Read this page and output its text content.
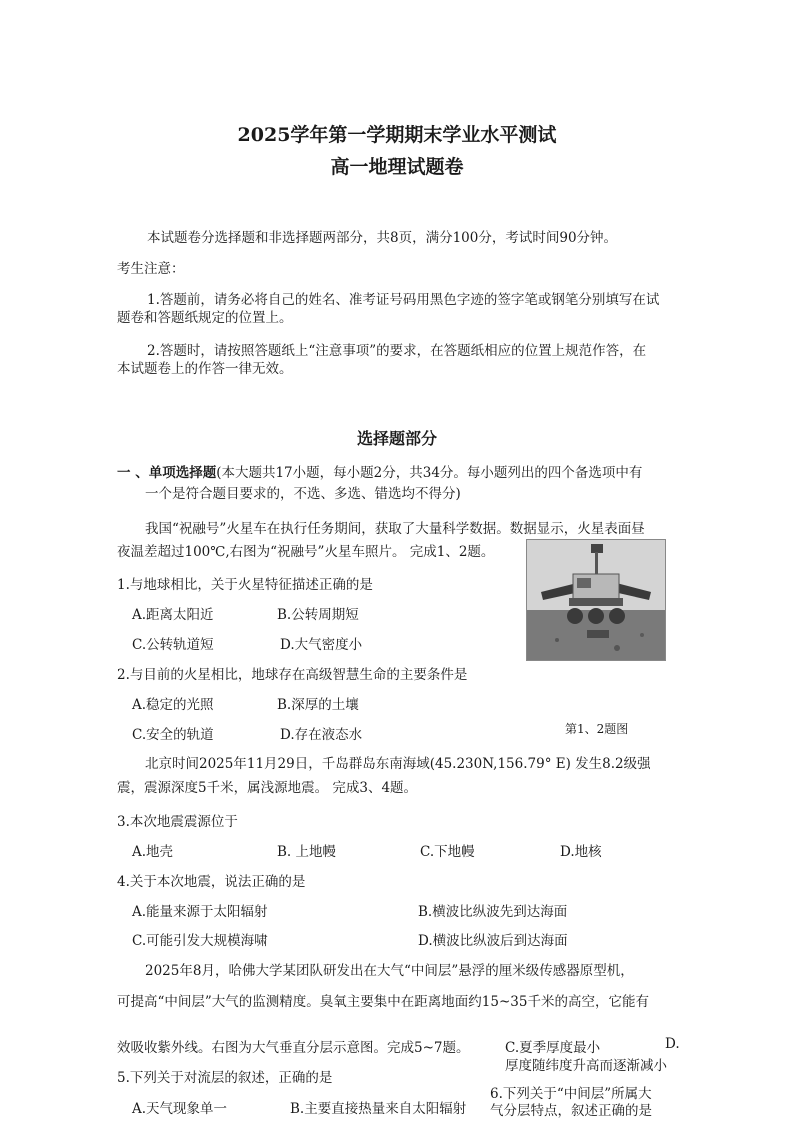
2025学年第一学期期末学业水平测试
高一地理试题卷
本试题卷分选择题和非选择题两部分，共8页，满分100分，考试时间90分钟。
考生注意：
1.答题前，请务必将自己的姓名、准考证号码用黑色字迹的签字笔或钢笔分别填写在试
题卷和答题纸规定的位置上。
2.答题时，请按照答题纸上“注意事项”的要求，在答题纸相应的位置上规范作答，在
本试题卷上的作答一律无效。
选择题部分
一 、单项选择题(本大题共17小题，每小题2分，共34分。每小题列出的四个备选项中有
一个是符合题目要求的，不选、多选、错选均不得分)
我国“祝融号”火星车在执行任务期间，获取了大量科学数据。数据显示，火星表面昼
夜温差超过100℃,右图为“祝融号”火星车照片。 完成1、2题。
1.与地球相比，关于火星特征描述正确的是
A.距离太阳近	B.公转周期短
C.公转轨道短	D.大气密度小
2.与目前的火星相比，地球存在高级智慧生命的主要条件是
A.稳定的光照	B.深厚的土壤
C.安全的轨道	D.存在液态水	第1、2题图
北京时间2025年11月29日，千岛群岛东南海域(45.230N,156.79° E) 发生8.2级强
震，震源深度5千米，属浅源地震。 完成3、4题。
3.本次地震震源位于
A.地壳	B. 上地幔	C.下地幔	D.地核
4.关于本次地震，说法正确的是
A.能量来源于太阳辐射	B.横波比纵波先到达海面
C.可能引发大规模海啸	D.横波比纵波后到达海面
2025年8月，哈佛大学某团队研发出在大气“中间层”悬浮的厘米级传感器原型机，
可提高“中间层”大气的监测精度。臭氧主要集中在距离地面约15~35千米的高空，它能有
效吸收紫外线。右图为大气垂直分层示意图。完成5~7题。	C.夏季厚度最小	D.
厚度随纬度升高而逐渐减小
6.下列关于“中间层”所属大
气分层特点，叙述正确的是
5.下列关于对流层的叙述，正确的是
A.天气现象单一	B.主要直接热量来自太阳辐射
